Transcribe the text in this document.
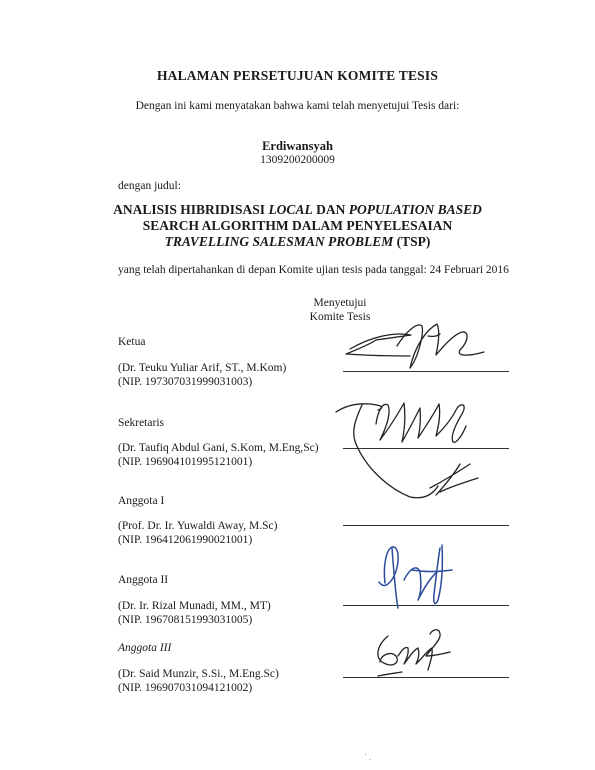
HALAMAN PERSETUJUAN KOMITE TESIS
Dengan ini kami menyatakan bahwa kami telah menyetujui Tesis dari:
Erdiwansyah
1309200200009
dengan judul:
ANALISIS HIBRIDISASI LOCAL DAN POPULATION BASED
SEARCH ALGORITHM DALAM PENYELESAIAN
TRAVELLING SALESMAN PROBLEM (TSP)
yang telah dipertahankan di depan Komite ujian tesis pada tanggal: 24 Februari 2016
Menyetujui
Komite Tesis
Ketua
(Dr. Teuku Yuliar Arif, ST., M.Kom)
(NIP. 197307031999031003)
Sekretaris
(Dr. Taufiq Abdul Gani, S.Kom, M.Eng,Sc)
(NIP. 196904101995121001)
Anggota I
(Prof. Dr. Ir. Yuwaldi Away, M.Sc)
(NIP. 196412061990021001)
Anggota II
(Dr. Ir. Rizal Munadi, MM., MT)
(NIP. 196708151993031005)
Anggota III
(Dr. Said Munzir, S.Si., M.Eng.Sc)
(NIP. 196907031094121002)
' .
